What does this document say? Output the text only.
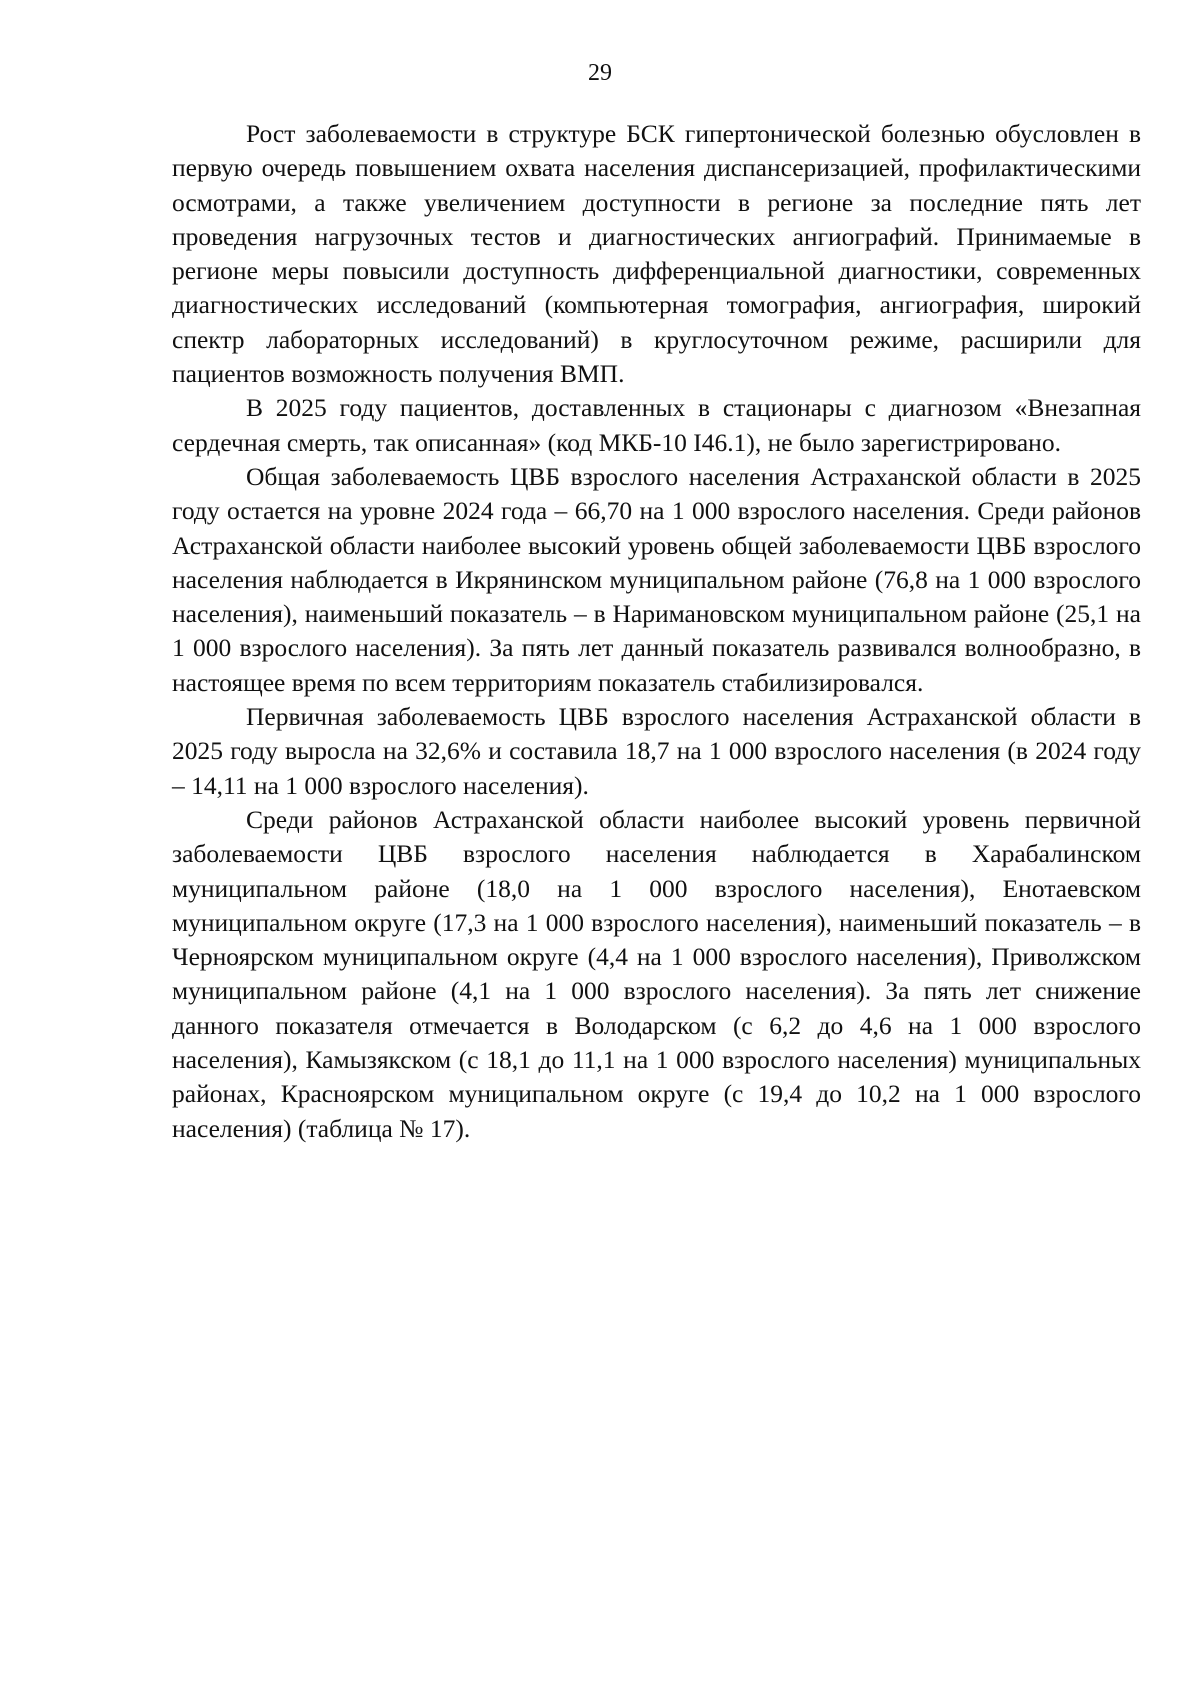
29

Рост заболеваемости в структуре БСК гипертонической болезнью обусловлен в первую очередь повышением охвата населения диспансеризацией, профилактическими осмотрами, а также увеличением доступности в регионе за последние пять лет проведения нагрузочных тестов и диагностических ангиографий. Принимаемые в регионе меры повысили доступность дифференциальной диагностики, современных диагностических исследований (компьютерная томография, ангиография, широкий спектр лабораторных исследований) в круглосуточном режиме, расширили для пациентов возможность получения ВМП.

В 2025 году пациентов, доставленных в стационары с диагнозом «Внезапная сердечная смерть, так описанная» (код МКБ-10 I46.1), не было зарегистрировано.

Общая заболеваемость ЦВБ взрослого населения Астраханской области в 2025 году остается на уровне 2024 года – 66,70 на 1 000 взрослого населения. Среди районов Астраханской области наиболее высокий уровень общей заболеваемости ЦВБ взрослого населения наблюдается в Икрянинском муниципальном районе (76,8 на 1 000 взрослого населения), наименьший показатель – в Наримановском муниципальном районе (25,1 на 1 000 взрослого населения). За пять лет данный показатель развивался волнообразно, в настоящее время по всем территориям показатель стабилизировался.

Первичная заболеваемость ЦВБ взрослого населения Астраханской области в 2025 году выросла на 32,6% и составила 18,7 на 1 000 взрослого населения (в 2024 году – 14,11 на 1 000 взрослого населения).

Среди районов Астраханской области наиболее высокий уровень первичной заболеваемости ЦВБ взрослого населения наблюдается в Харабалинском муниципальном районе (18,0 на 1 000 взрослого населения), Енотаевском муниципальном округе (17,3 на 1 000 взрослого населения), наименьший показатель – в Черноярском муниципальном округе (4,4 на 1 000 взрослого населения), Приволжском муниципальном районе (4,1 на 1 000 взрослого населения). За пять лет снижение данного показателя отмечается в Володарском (с 6,2 до 4,6 на 1 000 взрослого населения), Камызякском (с 18,1 до 11,1 на 1 000 взрослого населения) муниципальных районах, Красноярском муниципальном округе (с 19,4 до 10,2 на 1 000 взрослого населения) (таблица № 17).
